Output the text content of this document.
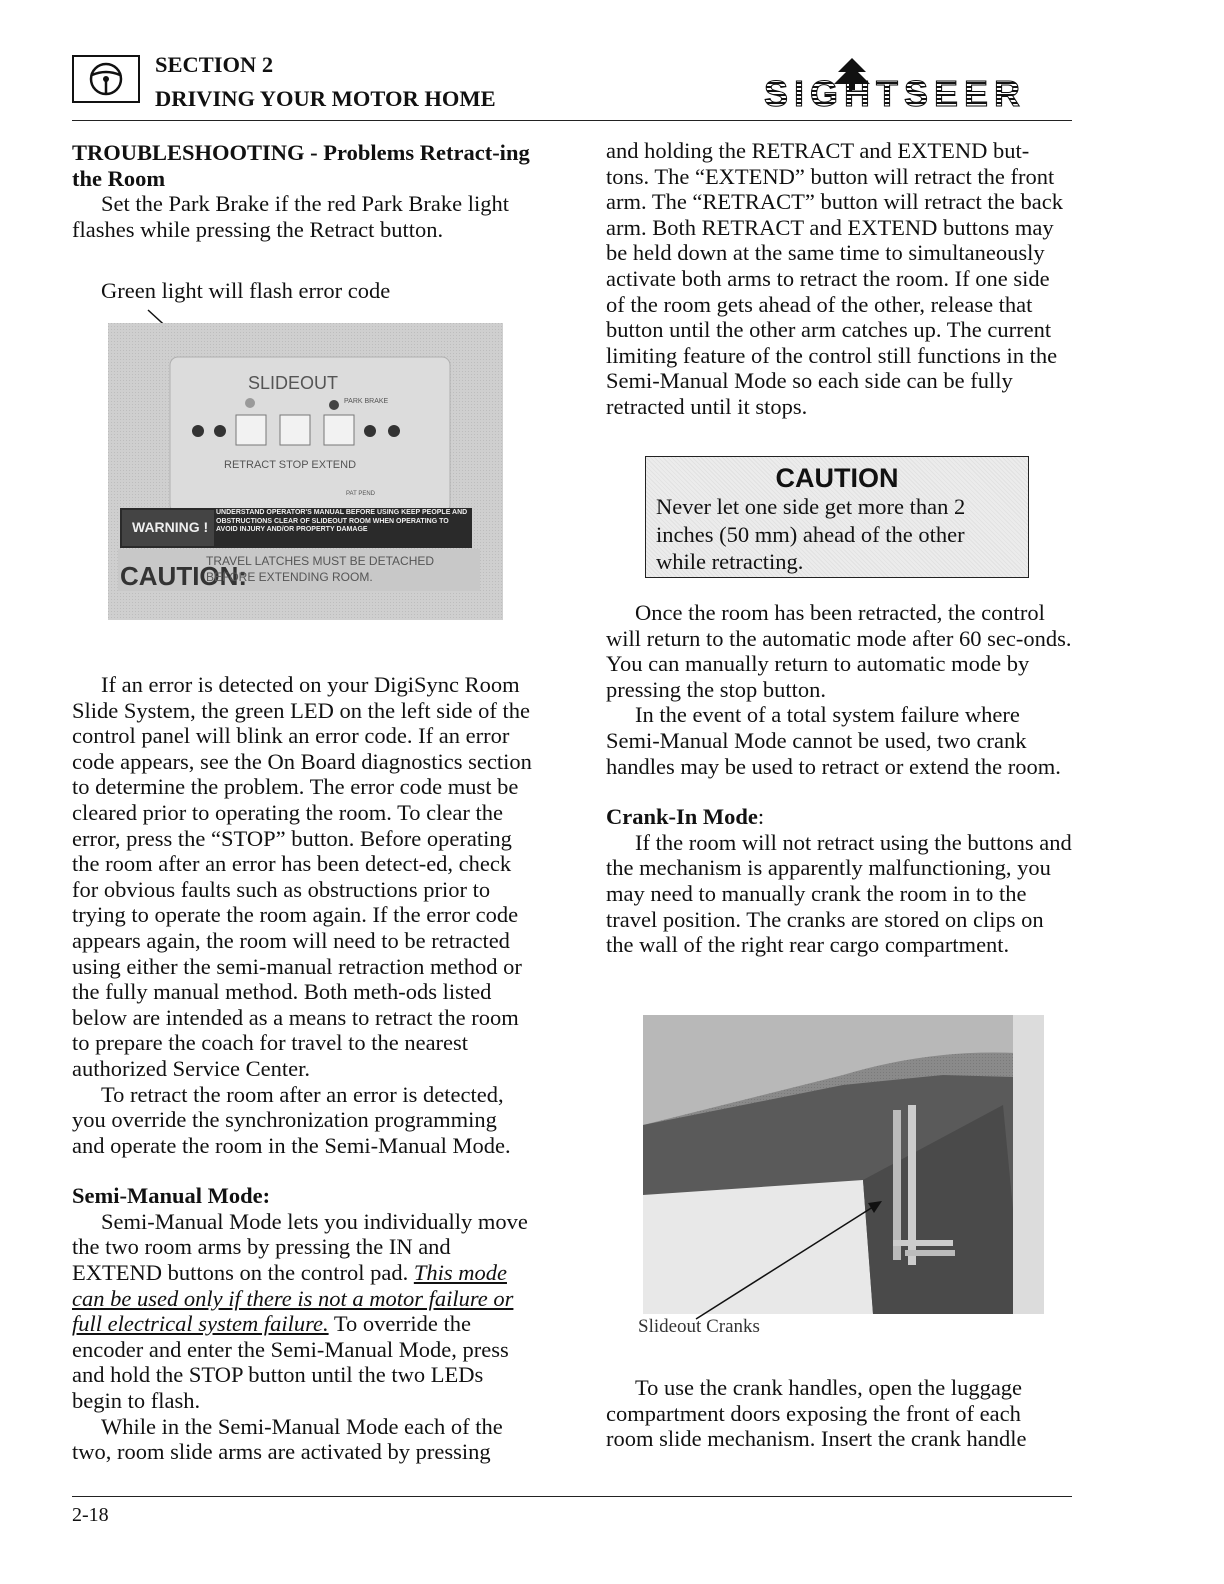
SECTION 2
DRIVING YOUR MOTOR HOME	SIGHTSEER

TROUBLESHOOTING - Problems Retract-ing the Room

Set the Park Brake if the red Park Brake light flashes while pressing the Retract button.

Green light will flash error code
SLIDEOUT
PARK BRAKE
RETRACT STOP EXTEND
PAT PEND
WARNING !
UNDERSTAND OPERATOR'S MANUAL BEFORE USING KEEP PEOPLE AND OBSTRUCTIONS CLEAR OF SLIDEOUT ROOM WHEN OPERATING TO AVOID INJURY AND/OR PROPERTY DAMAGE
CAUTION:
TRAVEL LATCHES MUST BE DETACHED
BEFORE EXTENDING ROOM.

If an error is detected on your DigiSync Room Slide System, the green LED on the left side of the control panel will blink an error code. If an error code appears, see the On Board diagnostics section to determine the problem. The error code must be cleared prior to operating the room. To clear the error, press the “STOP” button. Before operating the room after an error has been detect-ed, check for obvious faults such as obstructions prior to trying to operate the room again. If the error code appears again, the room will need to be retracted using either the semi-manual retraction method or the fully manual method. Both meth-ods listed below are intended as a means to retract the room to prepare the coach for travel to the nearest authorized Service Center.

To retract the room after an error is detected, you override the synchronization programming and operate the room in the Semi-Manual Mode.

Semi-Manual Mode:

Semi-Manual Mode lets you individually move the two room arms by pressing the IN and EXTEND buttons on the control pad. This mode can be used only if there is not a motor failure or full electrical system failure. To override the encoder and enter the Semi-Manual Mode, press and hold the STOP button until the two LEDs begin to flash.

While in the Semi-Manual Mode each of the two, room slide arms are activated by pressing

and holding the RETRACT and EXTEND but-tons. The “EXTEND” button will retract the front arm. The “RETRACT” button will retract the back arm. Both RETRACT and EXTEND buttons may be held down at the same time to simultaneously activate both arms to retract the room. If one side of the room gets ahead of the other, release that button until the other arm catches up. The current limiting feature of the control still functions in the Semi-Manual Mode so each side can be fully retracted until it stops.

CAUTION
Never let one side get more than 2 inches (50 mm) ahead of the other while retracting.

Once the room has been retracted, the control will return to the automatic mode after 60 sec-onds. You can manually return to automatic mode by pressing the stop button.

In the event of a total system failure where Semi-Manual Mode cannot be used, two crank handles may be used to retract or extend the room.

Crank-In Mode:

If the room will not retract using the buttons and the mechanism is apparently malfunctioning, you may need to manually crank the room in to the travel position. The cranks are stored on clips on the wall of the right rear cargo compartment.

Slideout Cranks

To use the crank handles, open the luggage compartment doors exposing the front of each room slide mechanism. Insert the crank handle

2-18
